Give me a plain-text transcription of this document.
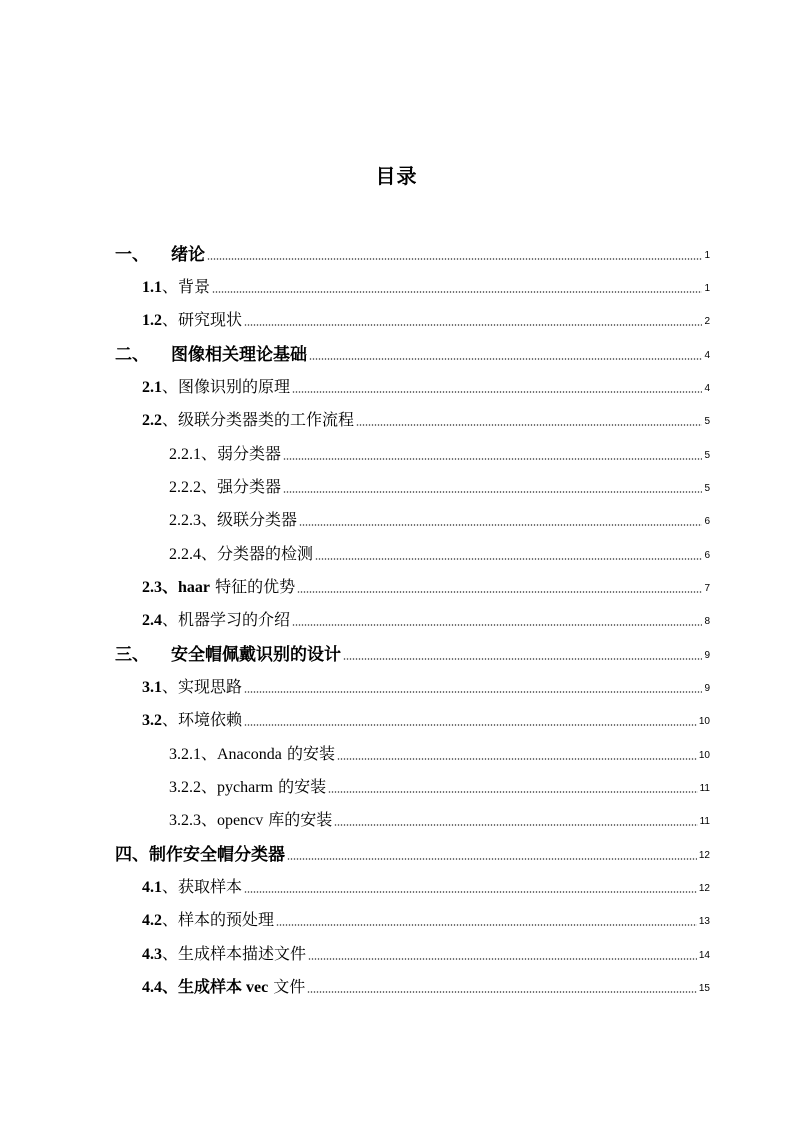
目录
一、 绪论	1
1.1、背景	1
1.2、研究现状	2
二、 图像相关理论基础	4
2.1、图像识别的原理	4
2.2、级联分类器类的工作流程	5
2.2.1、弱分类器	5
2.2.2、强分类器	5
2.2.3、级联分类器	6
2.2.4、分类器的检测	6
2.3、haar 特征的优势	7
2.4、机器学习的介绍	8
三、 安全帽佩戴识别的设计	9
3.1、实现思路	9
3.2、环境依赖	10
3.2.1、Anaconda 的安装	10
3.2.2、pycharm 的安装	11
3.2.3、opencv 库的安装	11
四、制作安全帽分类器	12
4.1、获取样本	12
4.2、样本的预处理	13
4.3、生成样本描述文件	14
4.4、生成样本 vec 文件	15
